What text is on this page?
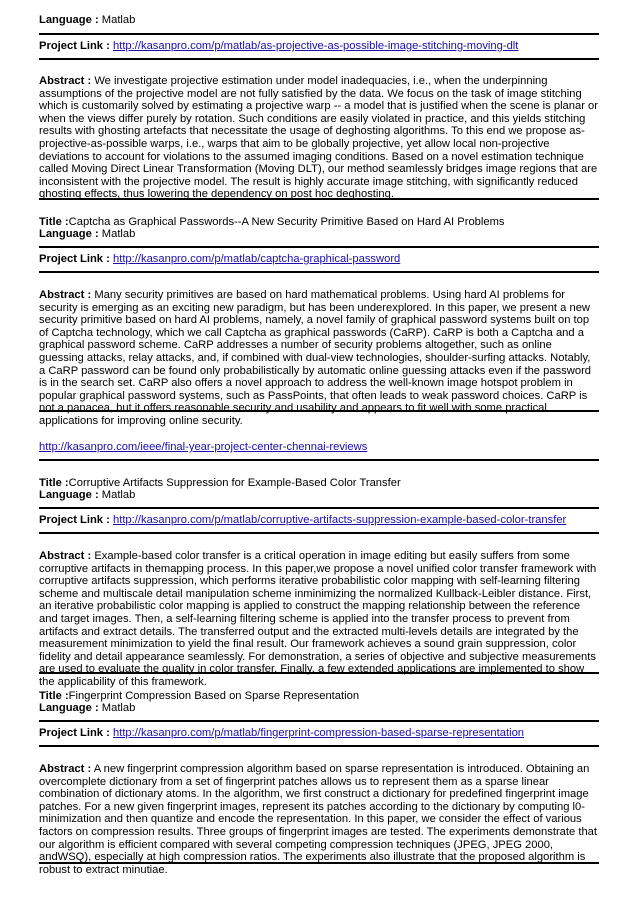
Language : Matlab
Project Link : http://kasanpro.com/p/matlab/as-projective-as-possible-image-stitching-moving-dlt

Abstract : We investigate projective estimation under model inadequacies, i.e., when the underpinning assumptions of the projective model are not fully satisfied by the data. We focus on the task of image stitching which is customarily solved by estimating a projective warp -- a model that is justified when the scene is planar or when the views differ purely by rotation. Such conditions are easily violated in practice, and this yields stitching results with ghosting artefacts that necessitate the usage of deghosting algorithms. To this end we propose as-projective-as-possible warps, i.e., warps that aim to be globally projective, yet allow local non-projective deviations to account for violations to the assumed imaging conditions. Based on a novel estimation technique called Moving Direct Linear Transformation (Moving DLT), our method seamlessly bridges image regions that are inconsistent with the projective model. The result is highly accurate image stitching, with significantly reduced ghosting effects, thus lowering the dependency on post hoc deghosting.

Title :Captcha as Graphical Passwords--A New Security Primitive Based on Hard AI Problems
Language : Matlab
Project Link : http://kasanpro.com/p/matlab/captcha-graphical-password

Abstract : Many security primitives are based on hard mathematical problems. Using hard AI problems for security is emerging as an exciting new paradigm, but has been underexplored. In this paper, we present a new security primitive based on hard AI problems, namely, a novel family of graphical password systems built on top of Captcha technology, which we call Captcha as graphical passwords (CaRP). CaRP is both a Captcha and a graphical password scheme. CaRP addresses a number of security problems altogether, such as online guessing attacks, relay attacks, and, if combined with dual-view technologies, shoulder-surfing attacks. Notably, a CaRP password can be found only probabilistically by automatic online guessing attacks even if the password is in the search set. CaRP also offers a novel approach to address the well-known image hotspot problem in popular graphical password systems, such as PassPoints, that often leads to weak password choices. CaRP is not a panacea, but it offers reasonable security and usability and appears to fit well with some practical applications for improving online security.

http://kasanpro.com/ieee/final-year-project-center-chennai-reviews
Title :Corruptive Artifacts Suppression for Example-Based Color Transfer
Language : Matlab
Project Link : http://kasanpro.com/p/matlab/corruptive-artifacts-suppression-example-based-color-transfer

Abstract : Example-based color transfer is a critical operation in image editing but easily suffers from some corruptive artifacts in themapping process. In this paper,we propose a novel unified color transfer framework with corruptive artifacts suppression, which performs iterative probabilistic color mapping with self-learning filtering scheme and multiscale detail manipulation scheme inminimizing the normalized Kullback-Leibler distance. First, an iterative probabilistic color mapping is applied to construct the mapping relationship between the reference and target images. Then, a self-learning filtering scheme is applied into the transfer process to prevent from artifacts and extract details. The transferred output and the extracted multi-levels details are integrated by the measurement minimization to yield the final result. Our framework achieves a sound grain suppression, color fidelity and detail appearance seamlessly. For demonstration, a series of objective and subjective measurements are used to evaluate the quality in color transfer. Finally, a few extended applications are implemented to show the applicability of this framework.

Title :Fingerprint Compression Based on Sparse Representation
Language : Matlab
Project Link : http://kasanpro.com/p/matlab/fingerprint-compression-based-sparse-representation

Abstract : A new fingerprint compression algorithm based on sparse representation is introduced. Obtaining an overcomplete dictionary from a set of fingerprint patches allows us to represent them as a sparse linear combination of dictionary atoms. In the algorithm, we first construct a dictionary for predefined fingerprint image patches. For a new given fingerprint images, represent its patches according to the dictionary by computing l0-minimization and then quantize and encode the representation. In this paper, we consider the effect of various factors on compression results. Three groups of fingerprint images are tested. The experiments demonstrate that our algorithm is efficient compared with several competing compression techniques (JPEG, JPEG 2000, andWSQ), especially at high compression ratios. The experiments also illustrate that the proposed algorithm is robust to extract minutiae.
